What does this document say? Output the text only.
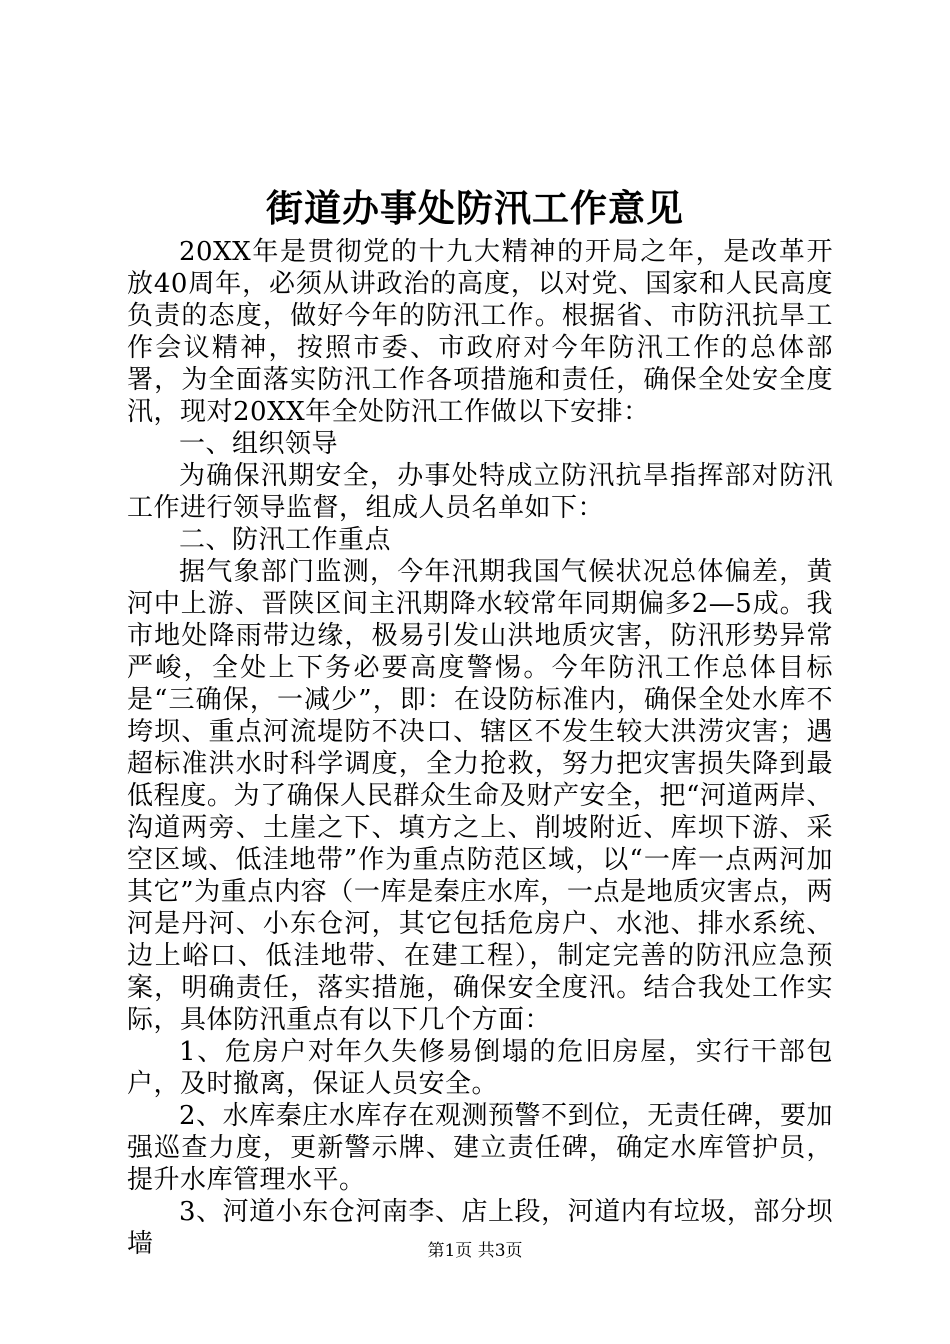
街道办事处防汛工作意见

20XX年是贯彻党的十九大精神的开局之年，是改革开放40周年，必须从讲政治的高度，以对党、国家和人民高度负责的态度，做好今年的防汛工作。根据省、市防汛抗旱工作会议精神，按照市委、市政府对今年防汛工作的总体部署，为全面落实防汛工作各项措施和责任，确保全处安全度汛，现对20XX年全处防汛工作做以下安排：

一、组织领导

为确保汛期安全，办事处特成立防汛抗旱指挥部对防汛工作进行领导监督，组成人员名单如下：

二、防汛工作重点

据气象部门监测，今年汛期我国气候状况总体偏差，黄河中上游、晋陕区间主汛期降水较常年同期偏多2—5成。我市地处降雨带边缘，极易引发山洪地质灾害，防汛形势异常严峻，全处上下务必要高度警惕。今年防汛工作总体目标是“三确保，一减少”，即：在设防标准内，确保全处水库不垮坝、重点河流堤防不决口、辖区不发生较大洪涝灾害；遇超标准洪水时科学调度，全力抢救，努力把灾害损失降到最低程度。为了确保人民群众生命及财产安全，把“河道两岸、沟道两旁、土崖之下、填方之上、削坡附近、库坝下游、采空区域、低洼地带”作为重点防范区域，以“一库一点两河加其它”为重点内容（一库是秦庄水库，一点是地质灾害点，两河是丹河、小东仓河，其它包括危房户、水池、排水系统、边上峪口、低洼地带、在建工程），制定完善的防汛应急预案，明确责任，落实措施，确保安全度汛。结合我处工作实际，具体防汛重点有以下几个方面：

1、危房户对年久失修易倒塌的危旧房屋，实行干部包户，及时撤离，保证人员安全。

2、水库秦庄水库存在观测预警不到位，无责任碑，要加强巡查力度，更新警示牌、建立责任碑，确定水库管护员，提升水库管理水平。

3、河道小东仓河南李、店上段，河道内有垃圾，部分坝墙	第1页 共3页
